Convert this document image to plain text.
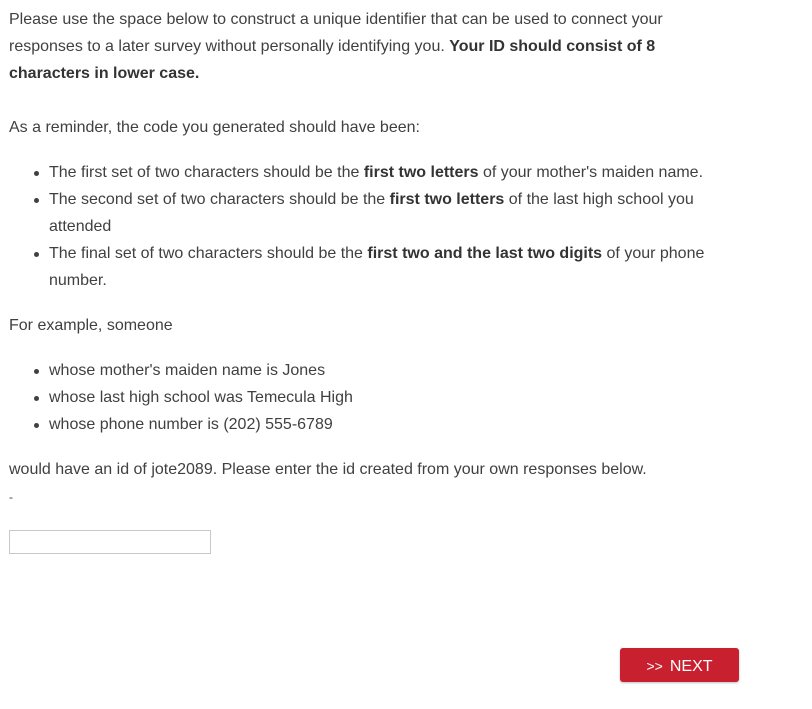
Please use the space below to construct a unique identifier that can be used to connect your responses to a later survey without personally identifying you. Your ID should consist of 8 characters in lower case.

As a reminder, the code you generated should have been:

The first set of two characters should be the first two letters of your mother's maiden name.
The second set of two characters should be the first two letters of the last high school you attended
The final set of two characters should be the first two and the last two digits of your phone number.

For example, someone

whose mother's maiden name is Jones
whose last high school was Temecula High
whose phone number is (202) 555-6789

would have an id of jote2089. Please enter the id created from your own responses below.

-
>> NEXT
